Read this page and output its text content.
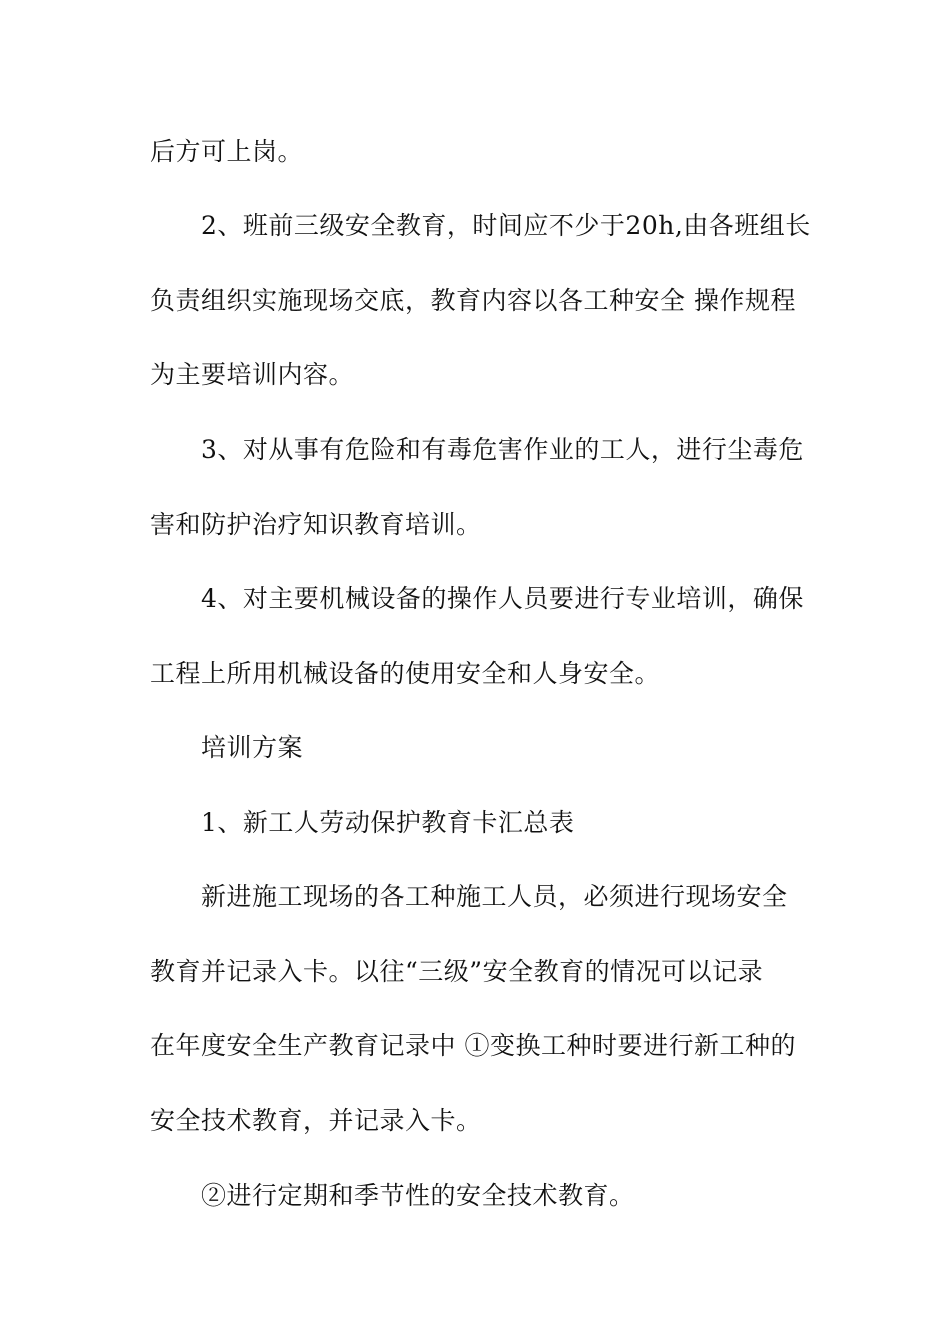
后方可上岗。
2、班前三级安全教育，时间应不少于20h,由各班组长
负责组织实施现场交底，教育内容以各工种安全 操作规程
为主要培训内容。
3、对从事有危险和有毒危害作业的工人，进行尘毒危
害和防护治疗知识教育培训。
4、对主要机械设备的操作人员要进行专业培训，确保
工程上所用机械设备的使用安全和人身安全。
培训方案
1、新工人劳动保护教育卡汇总表
新进施工现场的各工种施工人员，必须进行现场安全
教育并记录入卡。以往“三级”安全教育的情况可以记录
在年度安全生产教育记录中 ①变换工种时要进行新工种的
安全技术教育，并记录入卡。
②进行定期和季节性的安全技术教育。
